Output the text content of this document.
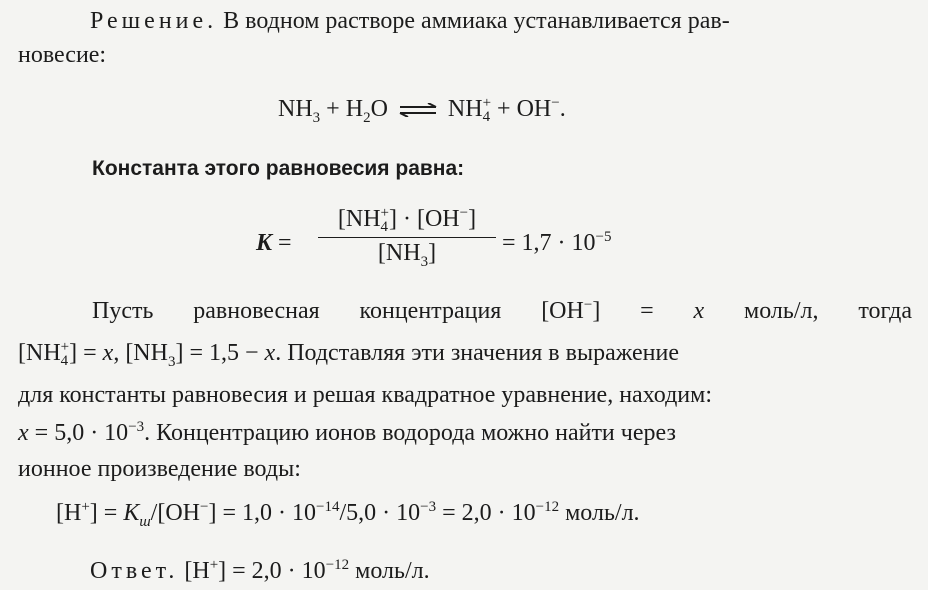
Решение. В водном растворе аммиака устанавливается рав-
новесие:
$NH_3 + H_2O$ ⇌ NH +
4 + OH−.
Константа этого равновесия равна:
K =
[NH +
4 ] · [OH−]
$[NH_3]$	= $1,7 \cdot 10^{-5}$
Пусть равновесная концентрация [OH−] = x моль/л, тогда
[NH +
4 ] = x, $[NH_3] = 1,5 - x$. Подставляя эти значения в выражение
для константы равновесия и решая квадратное уравнение, находим:
$x = 5,0 \cdot 10^{-3}$. Концентрацию ионов водорода можно найти через
ионное произведение воды:
$[H^+] = K_ш/[OH^-] = 1,0 \cdot 10^{-14}/5,0 \cdot 10^{-3} = 2,0 \cdot 10^{-12}$ моль/л.
Ответ. $[H^+] = 2,0 \cdot 10^{-12}$ моль/л.
